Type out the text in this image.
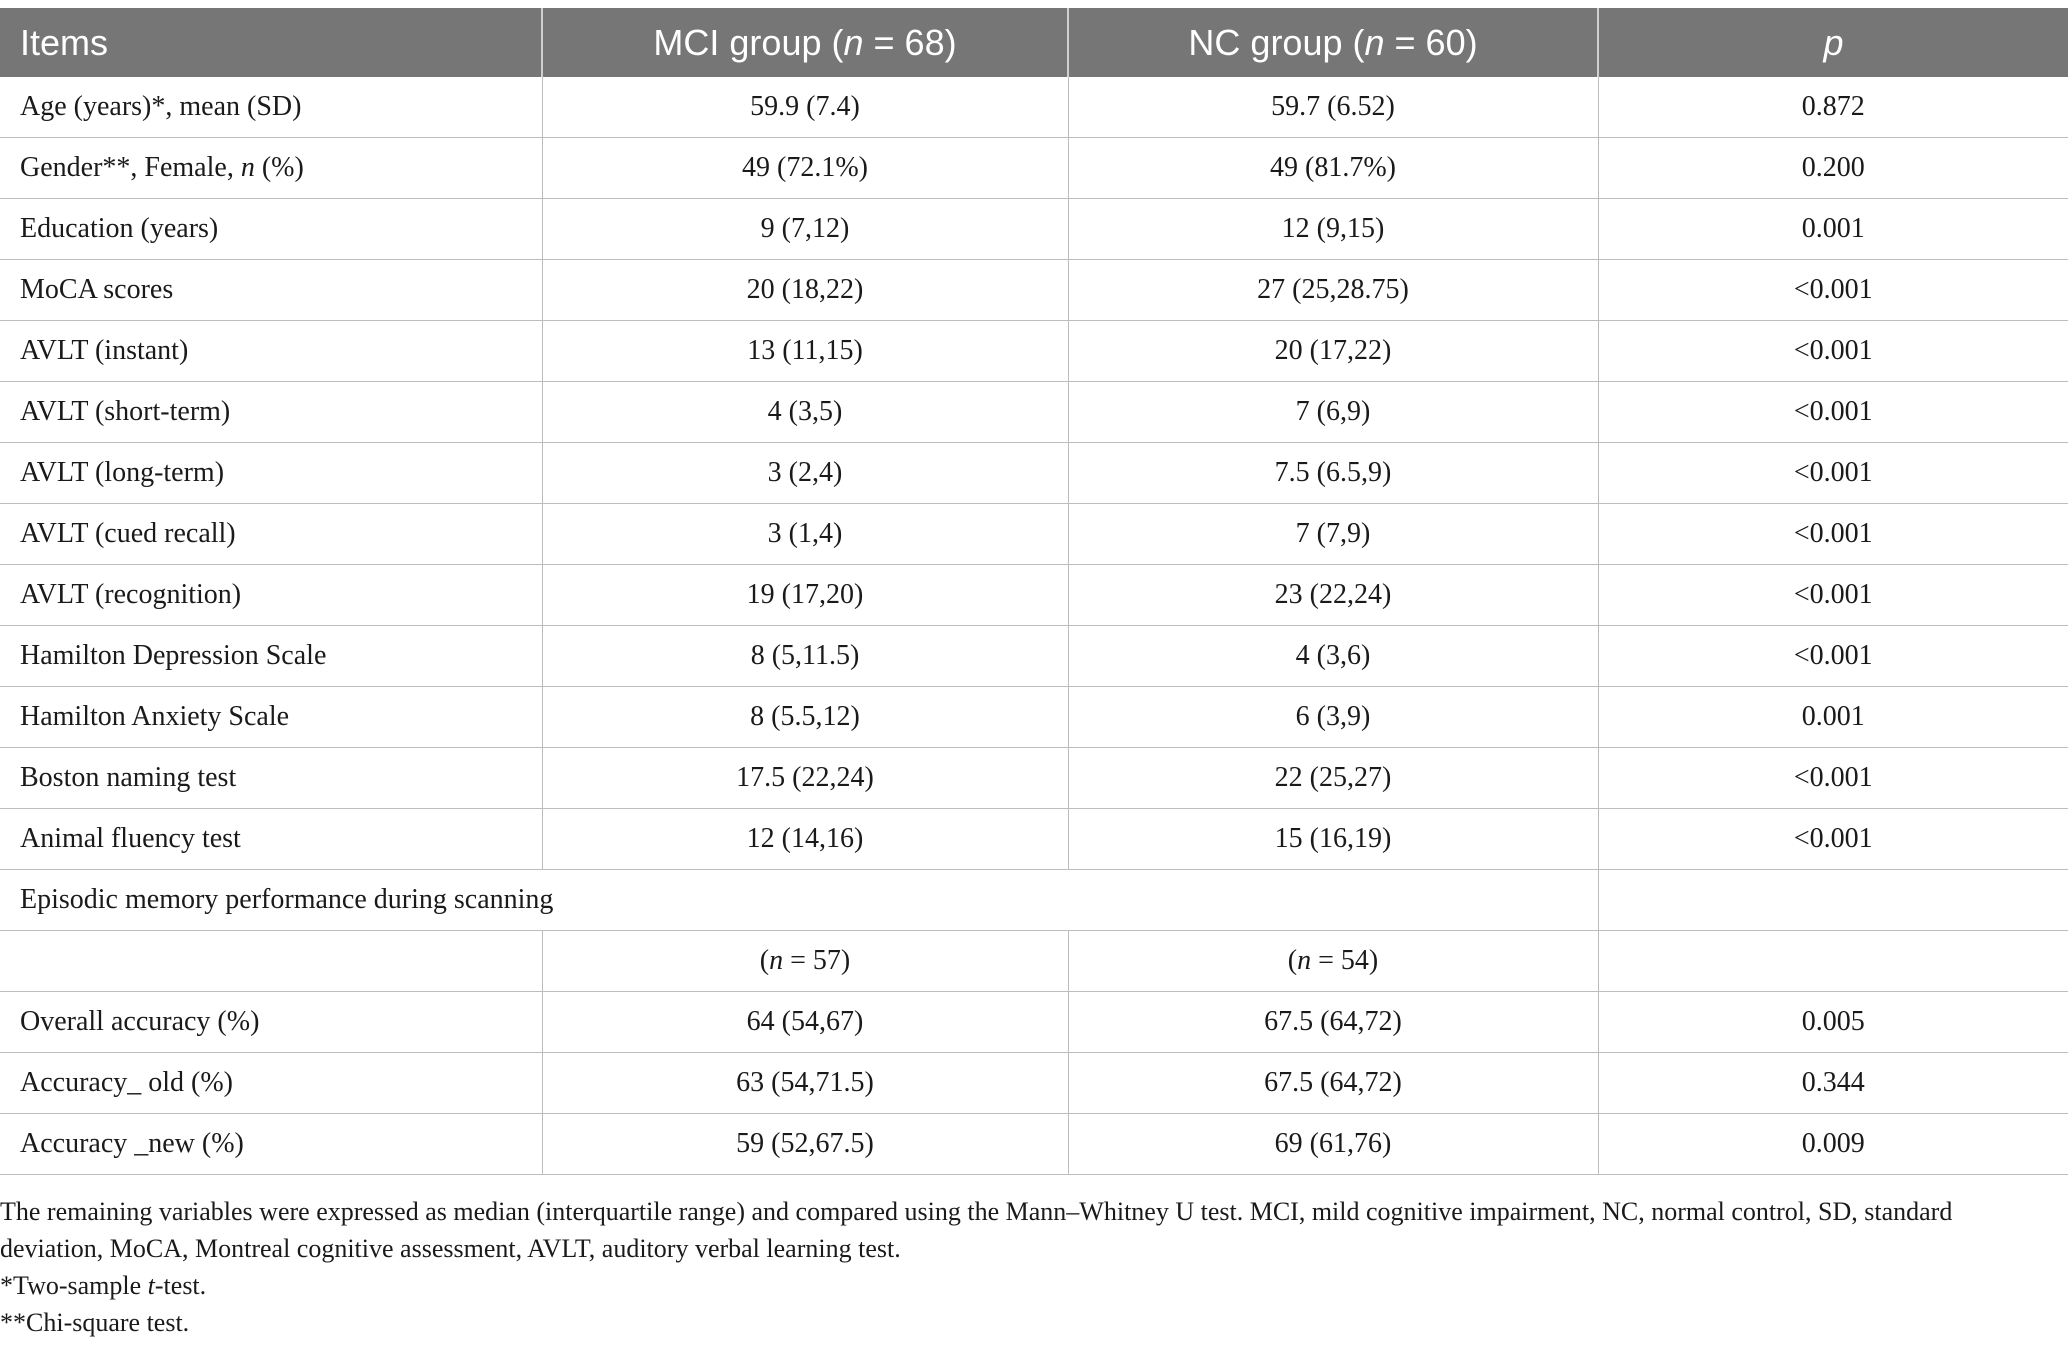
Items	MCI group (n = 68)	NC group (n = 60)	p
Age (years)*, mean (SD)	59.9 (7.4)	59.7 (6.52)	0.872
Gender**, Female, n (%)	49 (72.1%)	49 (81.7%)	0.200
Education (years)	9 (7,12)	12 (9,15)	0.001
MoCA scores	20 (18,22)	27 (25,28.75)	<0.001
AVLT (instant)	13 (11,15)	20 (17,22)	<0.001
AVLT (short-term)	4 (3,5)	7 (6,9)	<0.001
AVLT (long-term)	3 (2,4)	7.5 (6.5,9)	<0.001
AVLT (cued recall)	3 (1,4)	7 (7,9)	<0.001
AVLT (recognition)	19 (17,20)	23 (22,24)	<0.001
Hamilton Depression Scale	8 (5,11.5)	4 (3,6)	<0.001
Hamilton Anxiety Scale	8 (5.5,12)	6 (3,9)	0.001
Boston naming test	17.5 (22,24)	22 (25,27)	<0.001
Animal fluency test	12 (14,16)	15 (16,19)	<0.001
Episodic memory performance during scanning			
	(n = 57)	(n = 54)	
Overall accuracy (%)	64 (54,67)	67.5 (64,72)	0.005
Accuracy_ old (%)	63 (54,71.5)	67.5 (64,72)	0.344
Accuracy _new (%)	59 (52,67.5)	69 (61,76)	0.009

The remaining variables were expressed as median (interquartile range) and compared using the Mann–Whitney U test. MCI, mild cognitive impairment, NC, normal control, SD, standard deviation, MoCA, Montreal cognitive assessment, AVLT, auditory verbal learning test.

*Two-sample t-test.

**Chi-square test.
